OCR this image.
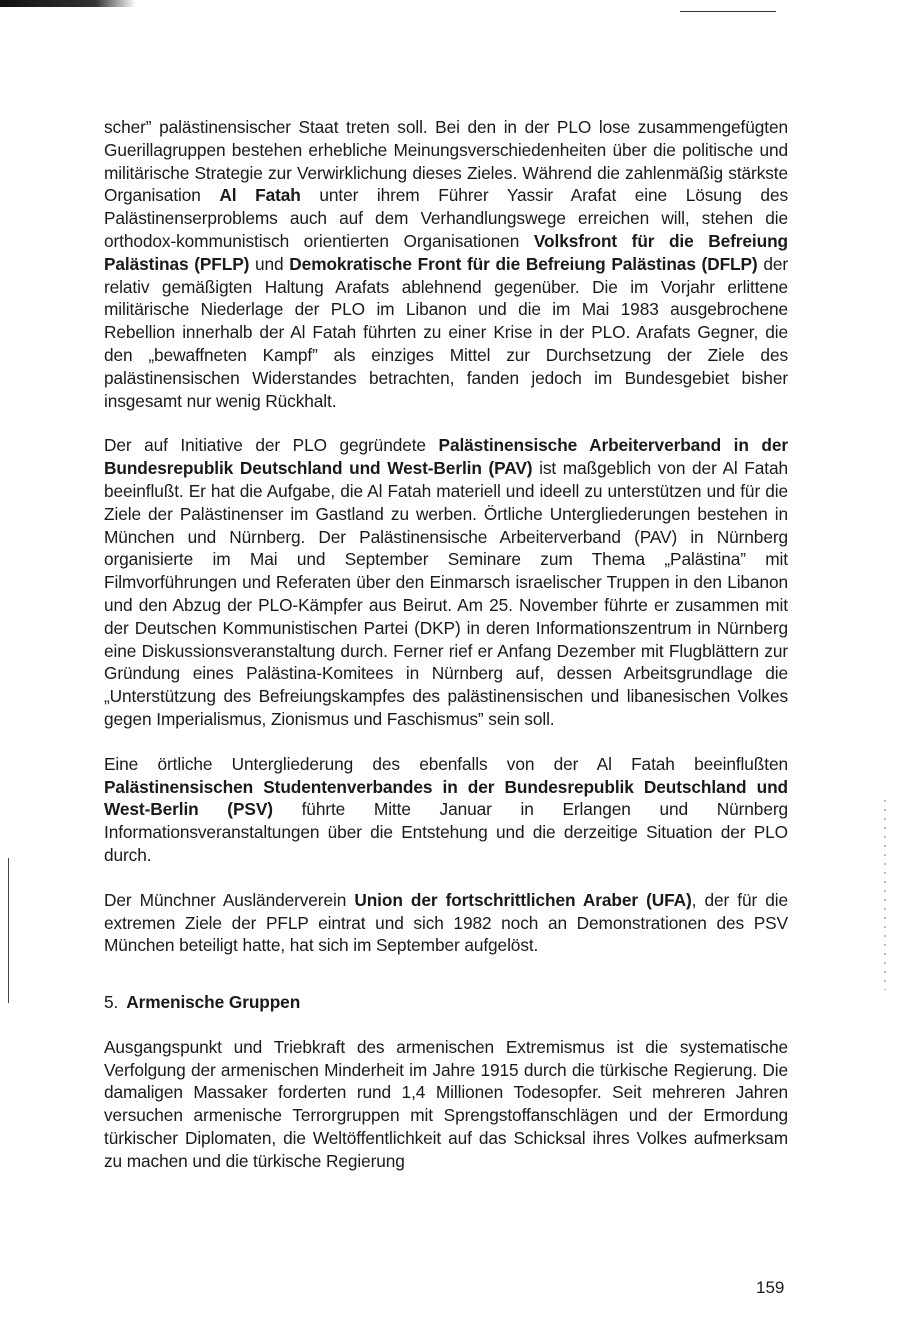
scher” palästinensischer Staat treten soll. Bei den in der PLO lose zusammengefügten Guerillagruppen bestehen erhebliche Meinungsverschiedenheiten über die politische und militärische Strategie zur Verwirklichung dieses Zieles. Während die zahlenmäßig stärkste Organisation Al Fatah unter ihrem Führer Yassir Arafat eine Lösung des Palästinenserproblems auch auf dem Verhandlungswege erreichen will, stehen die orthodox-kommunistisch orientierten Organisationen Volksfront für die Befreiung Palästinas (PFLP) und Demokratische Front für die Befreiung Palästinas (DFLP) der relativ gemäßigten Haltung Arafats ablehnend gegenüber. Die im Vorjahr erlittene militärische Niederlage der PLO im Libanon und die im Mai 1983 ausgebrochene Rebellion innerhalb der Al Fatah führten zu einer Krise in der PLO. Arafats Gegner, die den „bewaffneten Kampf” als einziges Mittel zur Durchsetzung der Ziele des palästinensischen Widerstandes betrachten, fanden jedoch im Bundesgebiet bisher insgesamt nur wenig Rückhalt.

Der auf Initiative der PLO gegründete Palästinensische Arbeiterverband in der Bundesrepublik Deutschland und West-Berlin (PAV) ist maßgeblich von der Al Fatah beeinflußt. Er hat die Aufgabe, die Al Fatah materiell und ideell zu unterstützen und für die Ziele der Palästinenser im Gastland zu werben. Örtliche Untergliederungen bestehen in München und Nürnberg. Der Palästinensische Arbeiterverband (PAV) in Nürnberg organisierte im Mai und September Seminare zum Thema „Palästina” mit Filmvorführungen und Referaten über den Einmarsch israelischer Truppen in den Libanon und den Abzug der PLO-Kämpfer aus Beirut. Am 25. November führte er zusammen mit der Deutschen Kommunistischen Partei (DKP) in deren Informationszentrum in Nürnberg eine Diskussionsveranstaltung durch. Ferner rief er Anfang Dezember mit Flugblättern zur Gründung eines Palästina-Komitees in Nürnberg auf, dessen Arbeitsgrundlage die „Unterstützung des Befreiungskampfes des palästinensischen und libanesischen Volkes gegen Imperialismus, Zionismus und Faschismus” sein soll.

Eine örtliche Untergliederung des ebenfalls von der Al Fatah beeinflußten Palästinensischen Studentenverbandes in der Bundesrepublik Deutschland und West-Berlin (PSV) führte Mitte Januar in Erlangen und Nürnberg Informationsveranstaltungen über die Entstehung und die derzeitige Situation der PLO durch.

Der Münchner Ausländerverein Union der fortschrittlichen Araber (UFA), der für die extremen Ziele der PFLP eintrat und sich 1982 noch an Demonstrationen des PSV München beteiligt hatte, hat sich im September aufgelöst.

5. Armenische Gruppen

Ausgangspunkt und Triebkraft des armenischen Extremismus ist die systematische Verfolgung der armenischen Minderheit im Jahre 1915 durch die türkische Regierung. Die damaligen Massaker forderten rund 1,4 Millionen Todesopfer. Seit mehreren Jahren versuchen armenische Terrorgruppen mit Sprengstoffanschlägen und der Ermordung türkischer Diplomaten, die Weltöffentlichkeit auf das Schicksal ihres Volkes aufmerksam zu machen und die türkische Regierung

159
